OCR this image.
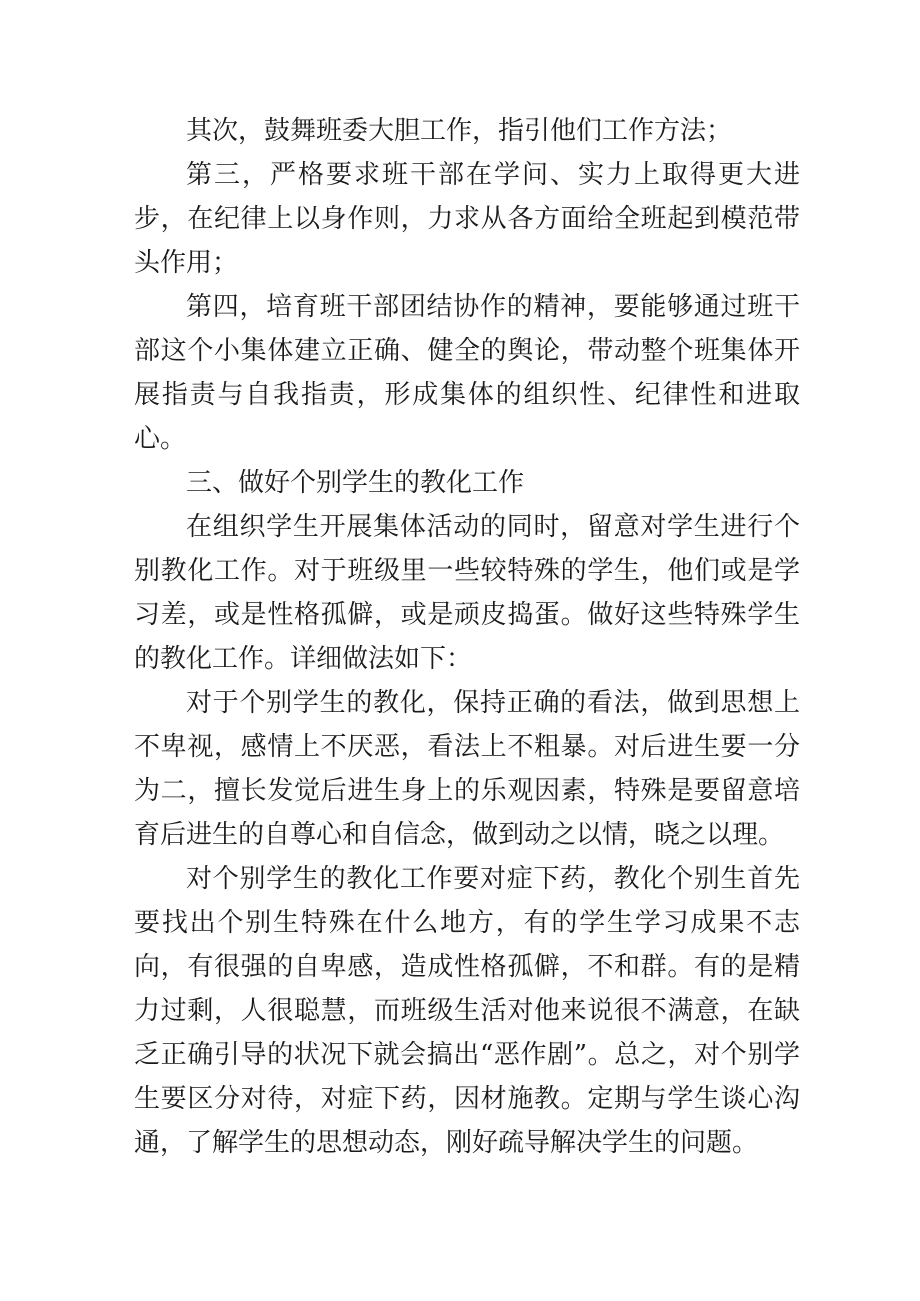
其次，鼓舞班委大胆工作，指引他们工作方法；

第三，严格要求班干部在学问、实力上取得更大进步，在纪律上以身作则，力求从各方面给全班起到模范带头作用；

第四，培育班干部团结协作的精神，要能够通过班干部这个小集体建立正确、健全的舆论，带动整个班集体开展指责与自我指责，形成集体的组织性、纪律性和进取心。

三、做好个别学生的教化工作

在组织学生开展集体活动的同时，留意对学生进行个别教化工作。对于班级里一些较特殊的学生，他们或是学习差，或是性格孤僻，或是顽皮捣蛋。做好这些特殊学生的教化工作。详细做法如下：

对于个别学生的教化，保持正确的看法，做到思想上不卑视，感情上不厌恶，看法上不粗暴。对后进生要一分为二，擅长发觉后进生身上的乐观因素，特殊是要留意培育后进生的自尊心和自信念，做到动之以情，晓之以理。

对个别学生的教化工作要对症下药，教化个别生首先要找出个别生特殊在什么地方，有的学生学习成果不志向，有很强的自卑感，造成性格孤僻，不和群。有的是精力过剩，人很聪慧，而班级生活对他来说很不满意，在缺乏正确引导的状况下就会搞出“恶作剧”。总之，对个别学生要区分对待，对症下药，因材施教。定期与学生谈心沟通，了解学生的思想动态，刚好疏导解决学生的问题。
